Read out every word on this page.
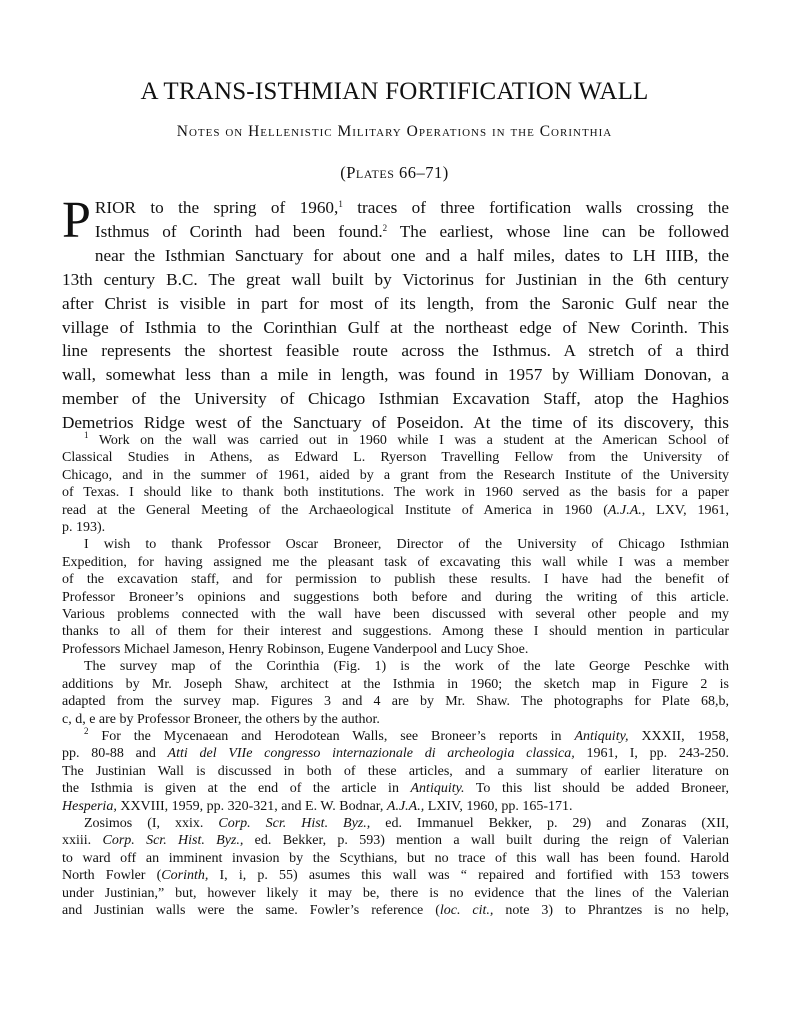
A TRANS-ISTHMIAN FORTIFICATION WALL
Notes on Hellenistic Military Operations in the Corinthia
(Plates 66–71)
P RIOR to the spring of 1960,$^1$ traces of three fortification walls crossing the
Isthmus of Corinth had been found.$^2$ The earliest, whose line can be followed
near the Isthmian Sanctuary for about one and a half miles, dates to LH IIIB, the
13th century B.C. The great wall built by Victorinus for Justinian in the 6th century
after Christ is visible in part for most of its length, from the Saronic Gulf near the
village of Isthmia to the Corinthian Gulf at the northeast edge of New Corinth. This
line represents the shortest feasible route across the Isthmus. A stretch of a third
wall, somewhat less than a mile in length, was found in 1957 by William Donovan, a
member of the University of Chicago Isthmian Excavation Staff, atop the Haghios
Demetrios Ridge west of the Sanctuary of Poseidon. At the time of its discovery, this
$^1$ Work on the wall was carried out in 1960 while I was a student at the American School of
Classical Studies in Athens, as Edward L. Ryerson Travelling Fellow from the University of
Chicago, and in the summer of 1961, aided by a grant from the Research Institute of the University
of Texas. I should like to thank both institutions. The work in 1960 served as the basis for a paper
read at the General Meeting of the Archaeological Institute of America in 1960 (A.J.A., LXV, 1961,
p. 193).
I wish to thank Professor Oscar Broneer, Director of the University of Chicago Isthmian
Expedition, for having assigned me the pleasant task of excavating this wall while I was a member
of the excavation staff, and for permission to publish these results. I have had the benefit of
Professor Broneer’s opinions and suggestions both before and during the writing of this article.
Various problems connected with the wall have been discussed with several other people and my
thanks to all of them for their interest and suggestions. Among these I should mention in particular
Professors Michael Jameson, Henry Robinson, Eugene Vanderpool and Lucy Shoe.
The survey map of the Corinthia (Fig. 1) is the work of the late George Peschke with
additions by Mr. Joseph Shaw, architect at the Isthmia in 1960; the sketch map in Figure 2 is
adapted from the survey map. Figures 3 and 4 are by Mr. Shaw. The photographs for Plate 68,b,
c, d, e are by Professor Broneer, the others by the author.
$^2$ For the Mycenaean and Herodotean Walls, see Broneer’s reports in Antiquity, XXXII, 1958,
pp. 80-88 and Atti del VIIe congresso internazionale di archeologia classica, 1961, I, pp. 243-250.
The Justinian Wall is discussed in both of these articles, and a summary of earlier literature on
the Isthmia is given at the end of the article in Antiquity. To this list should be added Broneer,
Hesperia, XXVIII, 1959, pp. 320-321, and E. W. Bodnar, A.J.A., LXIV, 1960, pp. 165-171.
Zosimos (I, xxix. Corp. Scr. Hist. Byz., ed. Immanuel Bekker, p. 29) and Zonaras (XII,
xxiii. Corp. Scr. Hist. Byz., ed. Bekker, p. 593) mention a wall built during the reign of Valerian
to ward off an imminent invasion by the Scythians, but no trace of this wall has been found. Harold
North Fowler (Corinth, I, i, p. 55) asumes this wall was “ repaired and fortified with 153 towers
under Justinian,” but, however likely it may be, there is no evidence that the lines of the Valerian
and Justinian walls were the same. Fowler’s reference (loc. cit., note 3) to Phrantzes is no help,
